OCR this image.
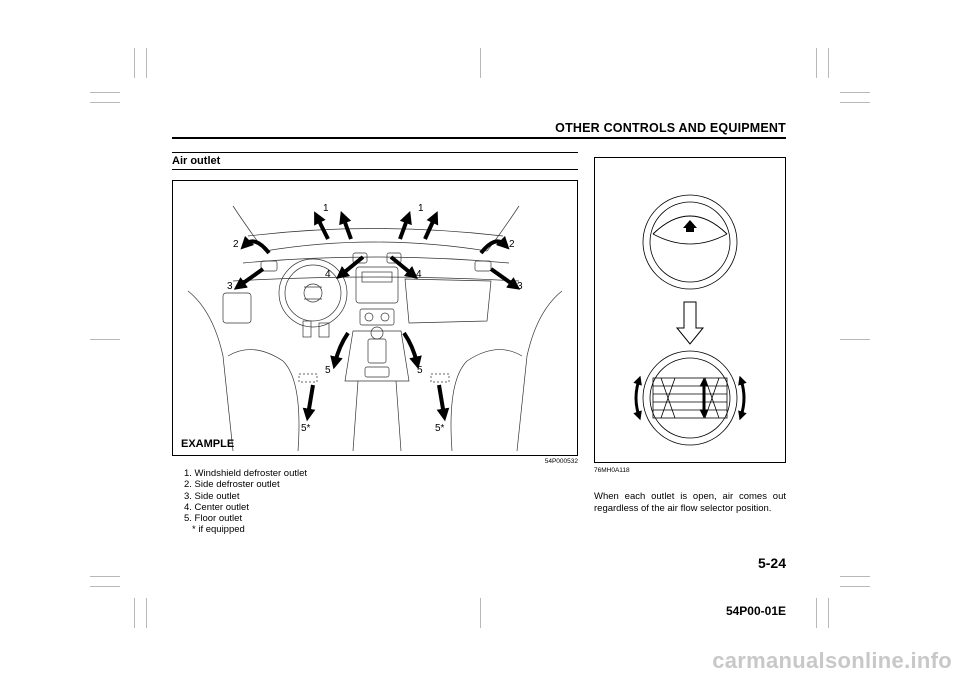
OTHER CONTROLS AND EQUIPMENT
Air outlet
1	1
2	2
3	3
4	4
5	5
5*	5*
EXAMPLE
54P000532
1. Windshield defroster outlet
2. Side defroster outlet
3. Side outlet
4. Center outlet
5. Floor outlet
* if equipped
76MH0A118
When each outlet is open, air comes out regardless of the air flow selector position.
5-24
54P00-01E
carmanualsonline.info
